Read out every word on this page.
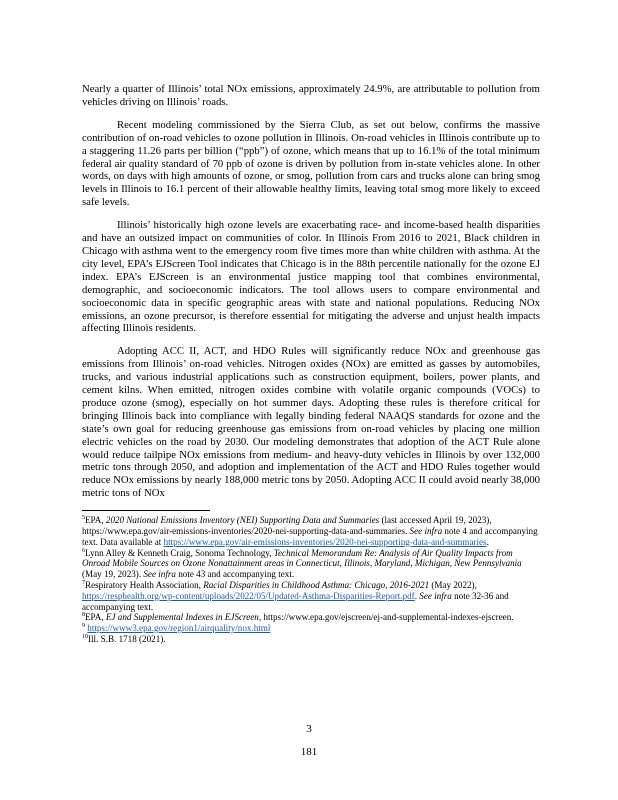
Nearly a quarter of Illinois’ total NOx emissions, approximately 24.9%, are attributable to pollution from vehicles driving on Illinois’ roads.

Recent modeling commissioned by the Sierra Club, as set out below, confirms the massive contribution of on-road vehicles to ozone pollution in Illinois. On-road vehicles in Illinois contribute up to a staggering 11.26 parts per billion (“ppb”) of ozone, which means that up to 16.1% of the total minimum federal air quality standard of 70 ppb of ozone is driven by pollution from in-state vehicles alone. In other words, on days with high amounts of ozone, or smog, pollution from cars and trucks alone can bring smog levels in Illinois to 16.1 percent of their allowable healthy limits, leaving total smog more likely to exceed safe levels.

Illinois’ historically high ozone levels are exacerbating race- and income-based health disparities and have an outsized impact on communities of color. In Illinois From 2016 to 2021, Black children in Chicago with asthma went to the emergency room five times more than white children with asthma. At the city level, EPA’s EJScreen Tool indicates that Chicago is in the 88th percentile nationally for the ozone EJ index. EPA’s EJScreen is an environmental justice mapping tool that combines environmental, demographic, and socioeconomic indicators. The tool allows users to compare environmental and socioeconomic data in specific geographic areas with state and national populations. Reducing NOx emissions, an ozone precursor, is therefore essential for mitigating the adverse and unjust health impacts affecting Illinois residents.

Adopting ACC II, ACT, and HDO Rules will significantly reduce NOx and greenhouse gas emissions from Illinois’ on-road vehicles. Nitrogen oxides (NOx) are emitted as gasses by automobiles, trucks, and various industrial applications such as construction equipment, boilers, power plants, and cement kilns. When emitted, nitrogen oxides combine with volatile organic compounds (VOCs) to produce ozone (smog), especially on hot summer days. Adopting these rules is therefore critical for bringing Illinois back into compliance with legally binding federal NAAQS standards for ozone and the state’s own goal for reducing greenhouse gas emissions from on-road vehicles by placing one million electric vehicles on the road by 2030. Our modeling demonstrates that adoption of the ACT Rule alone would reduce tailpipe NOx emissions from medium- and heavy-duty vehicles in Illinois by over 132,000 metric tons through 2050, and adoption and implementation of the ACT and HDO Rules together would reduce NOx emissions by nearly 188,000 metric tons by 2050. Adopting ACC II could avoid nearly 38,000 metric tons of NOx

$^5$EPA, 2020 National Emissions Inventory (NEI) Supporting Data and Summaries (last accessed April 19, 2023), https://www.epa.gov/air-emissions-inventories/2020-nei-supporting-data-and-summaries. See infra note 4 and accompanying text. Data available at https://www.epa.gov/air-emissions-inventories/2020-nei-supporting-data-and-summaries.
$^6$Lynn Alley & Kenneth Craig, Sonoma Technology, Technical Memorandum Re: Analysis of Air Quality Impacts from Onroad Mobile Sources on Ozone Nonattainment areas in Connecticut, Illinois, Maryland, Michigan, New Pennsylvania (May 19, 2023). See infra note 43 and accompanying text.
$^7$Respiratory Health Association, Racial Disparities in Childhood Asthma: Chicago, 2016-2021 (May 2022), https://resphealth.org/wp-content/uploads/2022/05/Updated-Asthma-Disparities-Report.pdf. See infra note 32-36 and accompanying text.
$^8$EPA, EJ and Supplemental Indexes in EJScreen, https://www.epa.gov/ejscreen/ej-and-supplemental-indexes-ejscreen.
$^9$ https://www3.epa.gov/region1/airquality/nox.html
$^{10}$Ill. S.B. 1718 (2021).
3
181
